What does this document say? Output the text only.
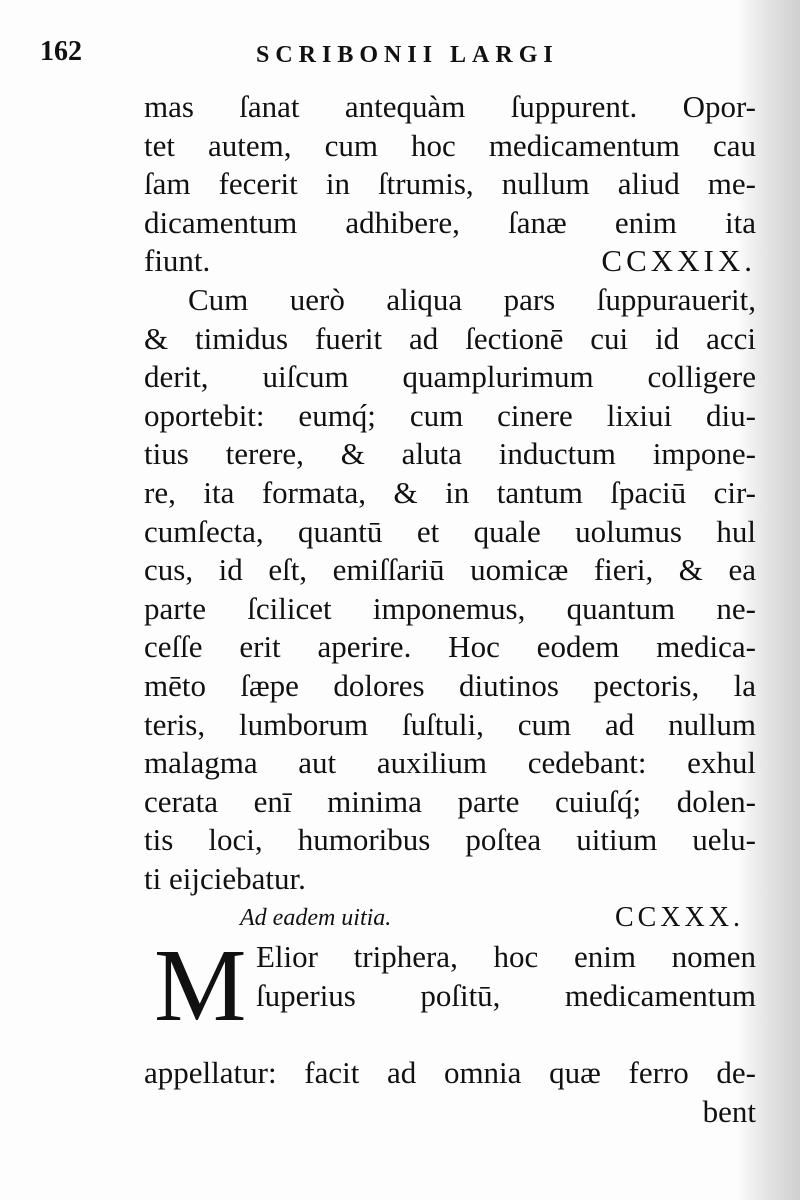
162	SCRIBONII LARGI
mas ſanat antequàm ſuppurent. Opor-
tet autem, cum hoc medicamentum cau
ſam fecerit in ſtrumis, nullum aliud me-
dicamentum adhibere, ſanæ enim ita
fiunt.	CCXXIX.
Cum uerò aliqua pars ſuppurauerit,
& timidus fuerit ad ſectionē cui id acci
derit, uiſcum quamplurimum colligere
oportebit: eumq́; cum cinere lixiui diu-
tius terere, & aluta inductum impone-
re, ita formata, & in tantum ſpaciū cir-
cumſecta, quantū et quale uolumus hul
cus, id eſt, emiſſariū uomicæ fieri, & ea
parte ſcilicet imponemus, quantum ne-
ceſſe erit aperire. Hoc eodem medica-
mēto ſæpe dolores diutinos pectoris, la
teris, lumborum ſuſtuli, cum ad nullum
malagma aut auxilium cedebant: exhul
cerata enī minima parte cuiuſq́; dolen-
tis loci, humoribus poſtea uitium uelu-
ti eijciebatur.
Ad eadem uitia.	CCXXX.
M Elior triphera, hoc enim nomen
ſuperius poſitū, medicamentum
appellatur: facit ad omnia quæ ferro de-
bent
